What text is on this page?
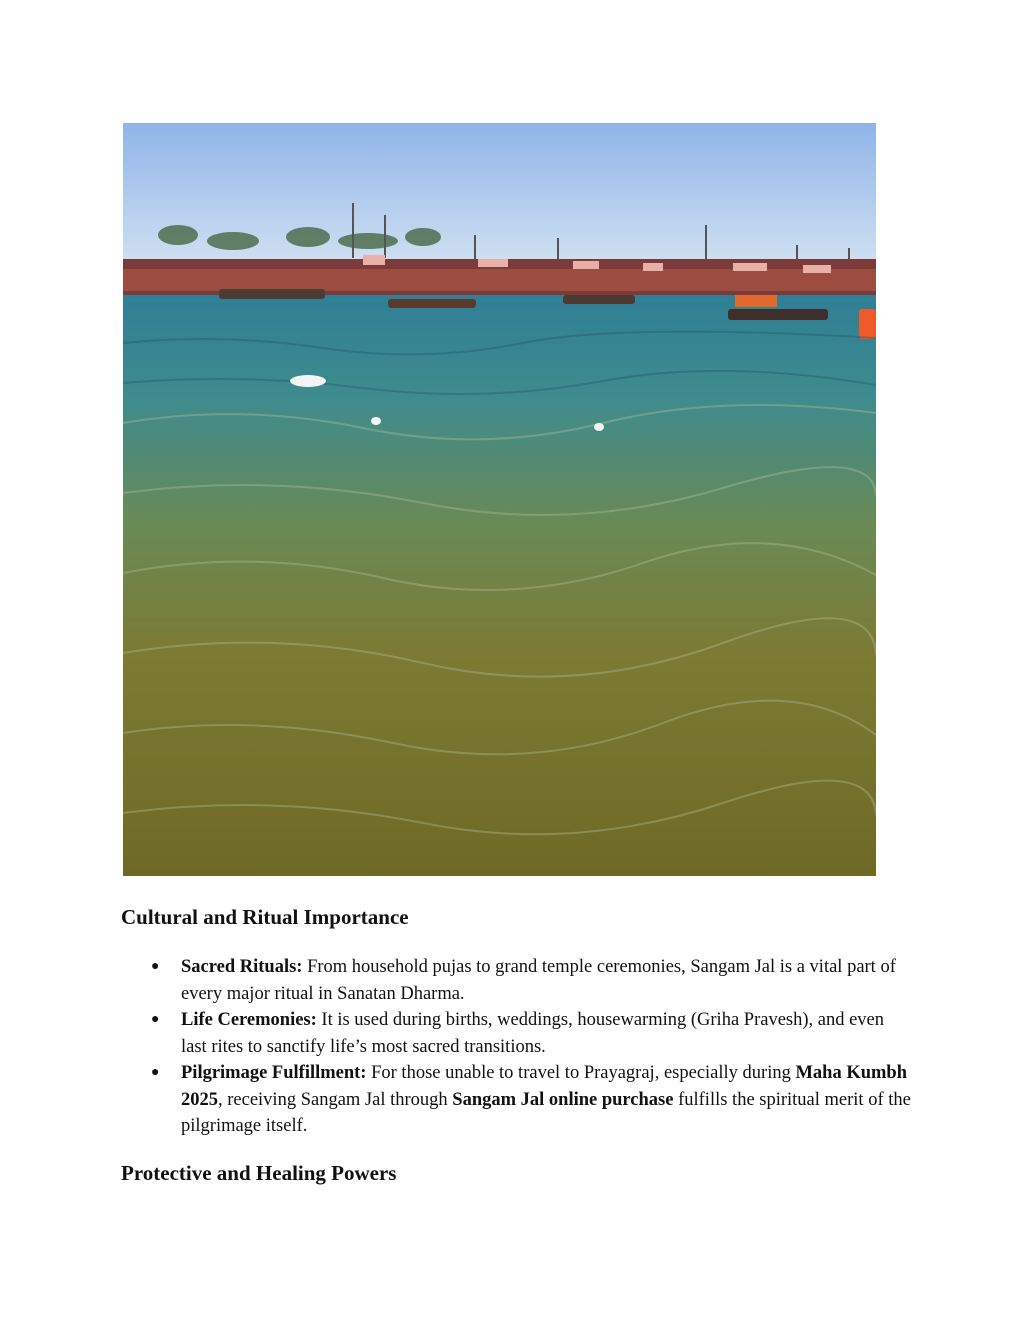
Cultural and Ritual Importance
● Sacred Rituals: From household pujas to grand temple ceremonies, Sangam Jal is a vital part of every major ritual in Sanatan Dharma.
● Life Ceremonies: It is used during births, weddings, housewarming (Griha Pravesh), and even last rites to sanctify life’s most sacred transitions.
● Pilgrimage Fulfillment: For those unable to travel to Prayagraj, especially during Maha Kumbh 2025, receiving Sangam Jal through Sangam Jal online purchase fulfills the spiritual merit of the pilgrimage itself.
Protective and Healing Powers
